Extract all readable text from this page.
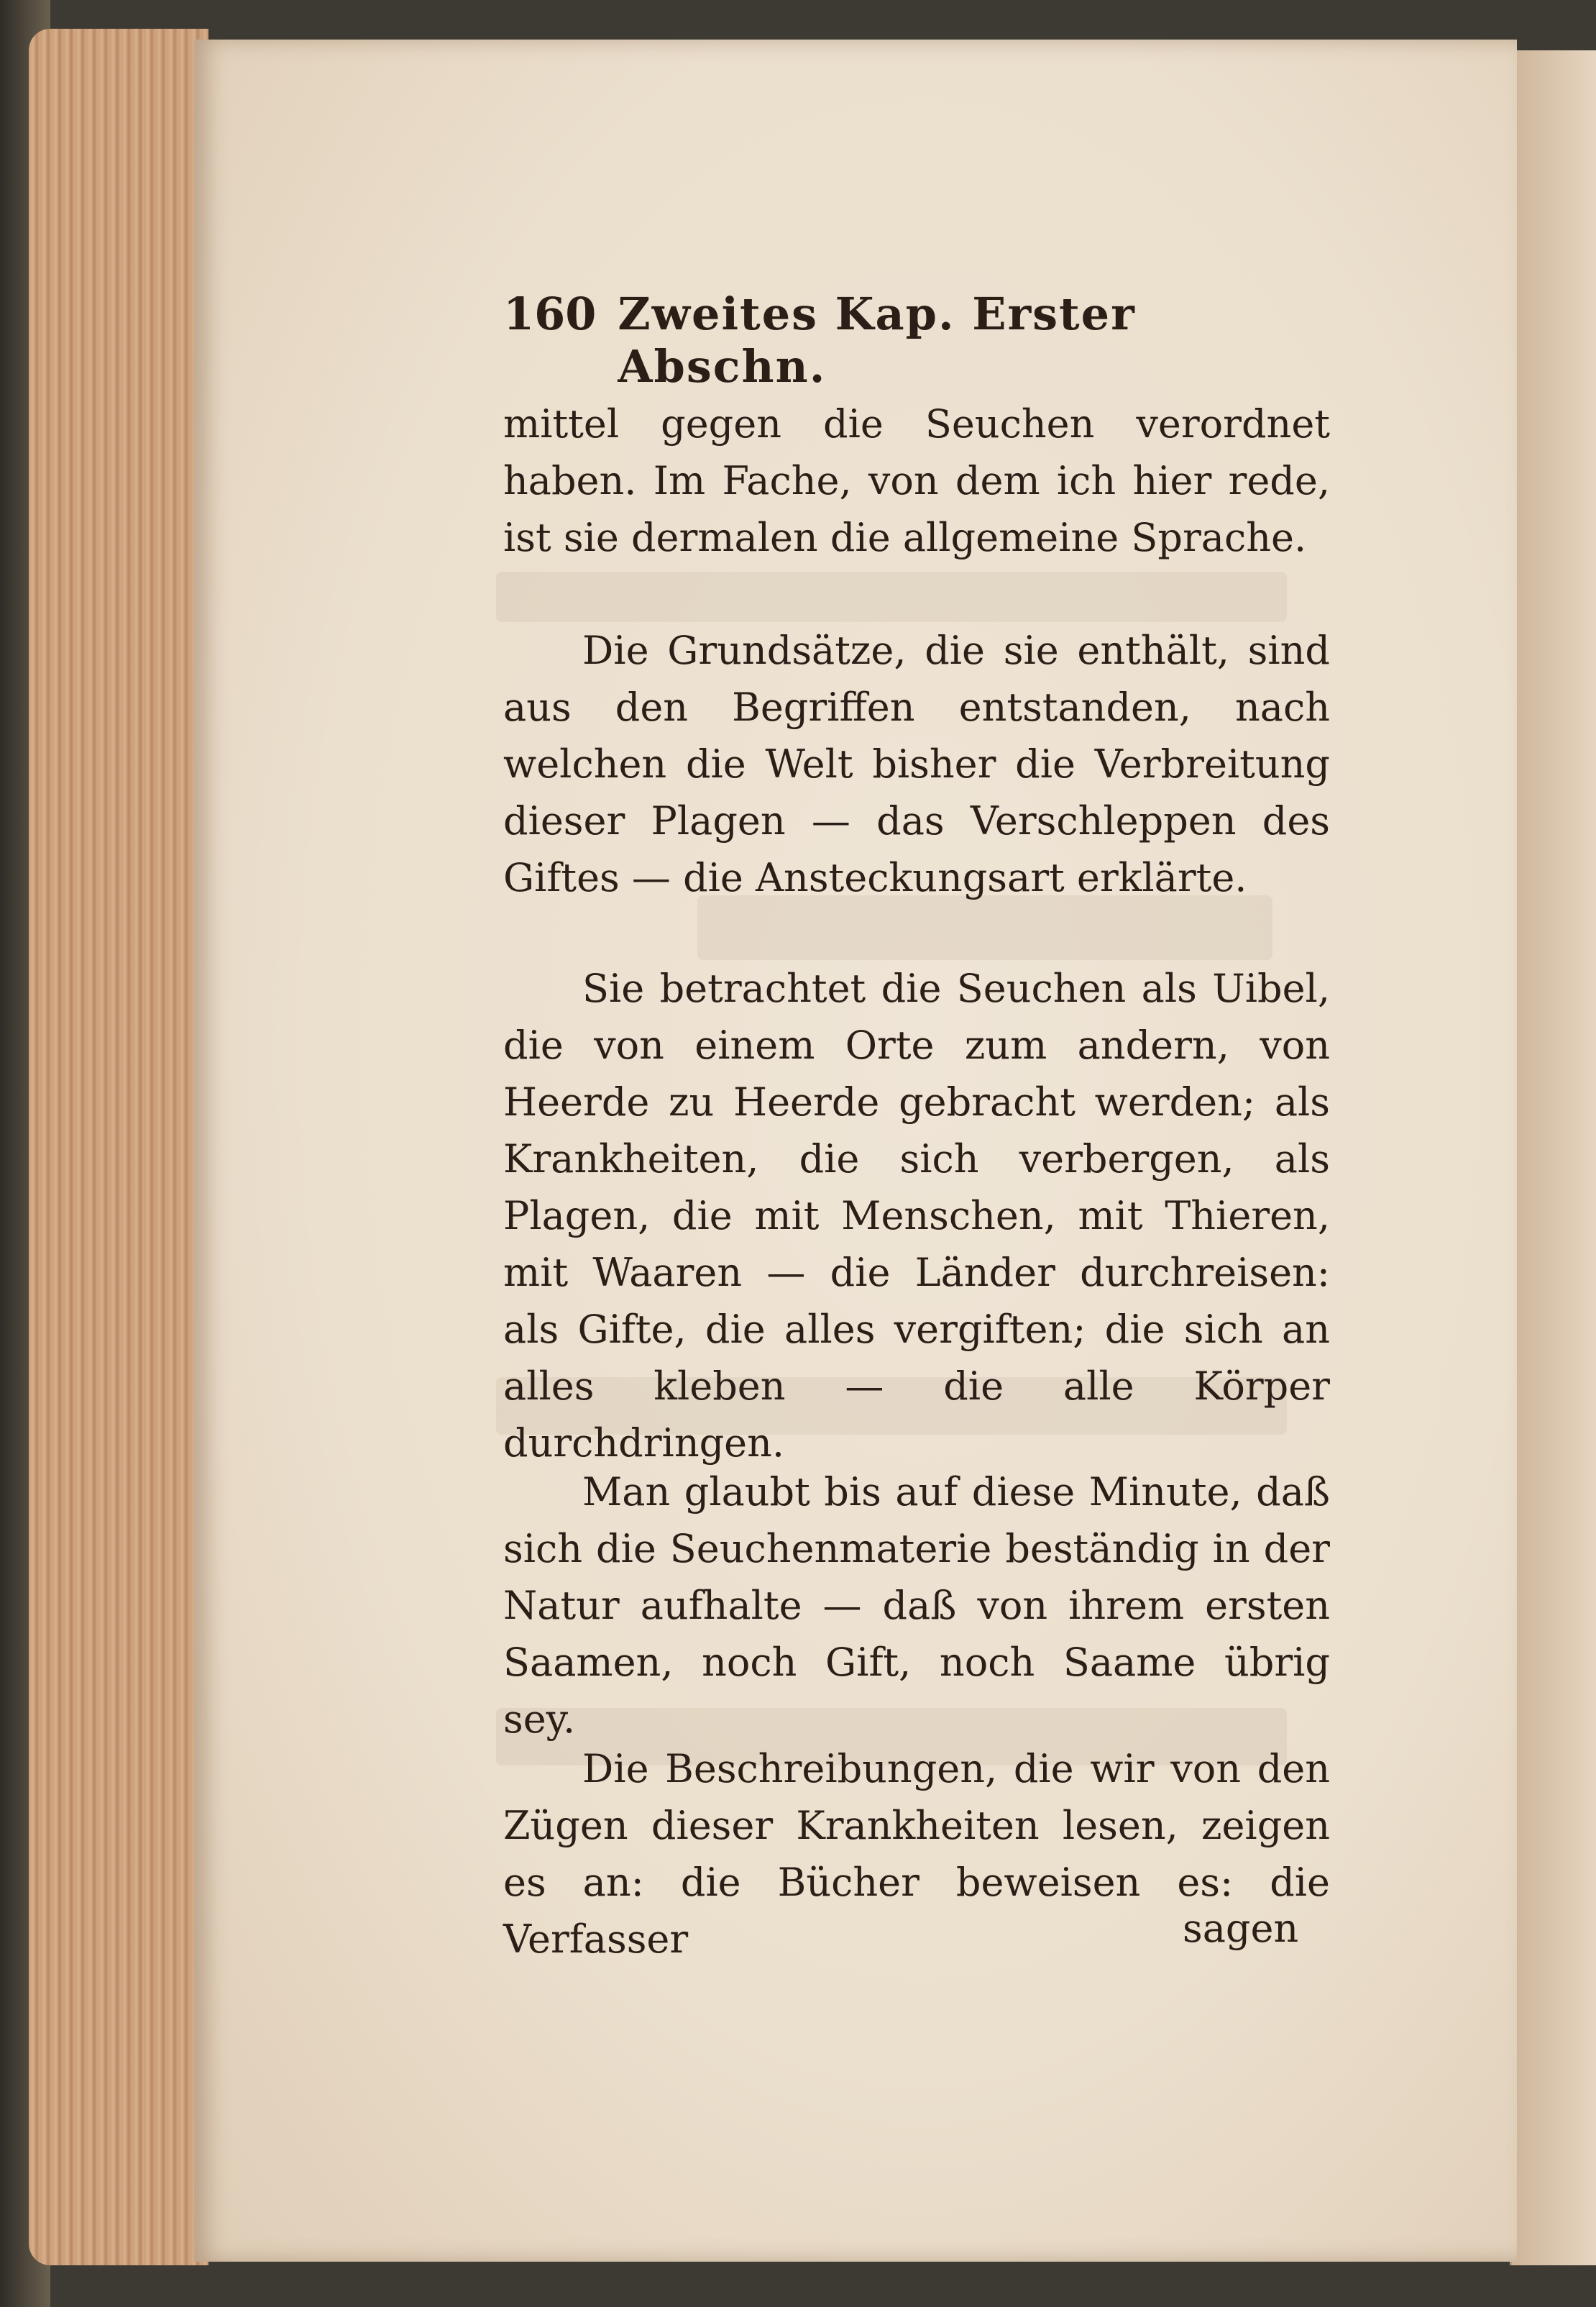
160 Zweites Kap. Erster Abschn.

mittel gegen die Seuchen verordnet haben. Im Fache, von dem ich hier rede, ist sie dermalen die allgemeine Sprache.

Die Grundsätze, die sie enthält, sind aus den Begriffen entstanden, nach welchen die Welt bisher die Verbreitung dieser Plagen — das Verschleppen des Giftes — die Ansteckungsart erklärte.

Sie betrachtet die Seuchen als Uibel, die von einem Orte zum andern, von Heerde zu Heerde gebracht werden; als Krankheiten, die sich verbergen, als Plagen, die mit Menschen, mit Thieren, mit Waaren — die Länder durchreisen: als Gifte, die alles vergiften; die sich an alles kleben — die alle Körper durchdringen.

Man glaubt bis auf diese Minute, daß sich die Seuchenmaterie beständig in der Natur aufhalte — daß von ihrem ersten Saamen, noch Gift, noch Saame übrig sey.

Die Beschreibungen, die wir von den Zügen dieser Krankheiten lesen, zeigen es an: die Bücher beweisen es: die Verfasser	sagen
